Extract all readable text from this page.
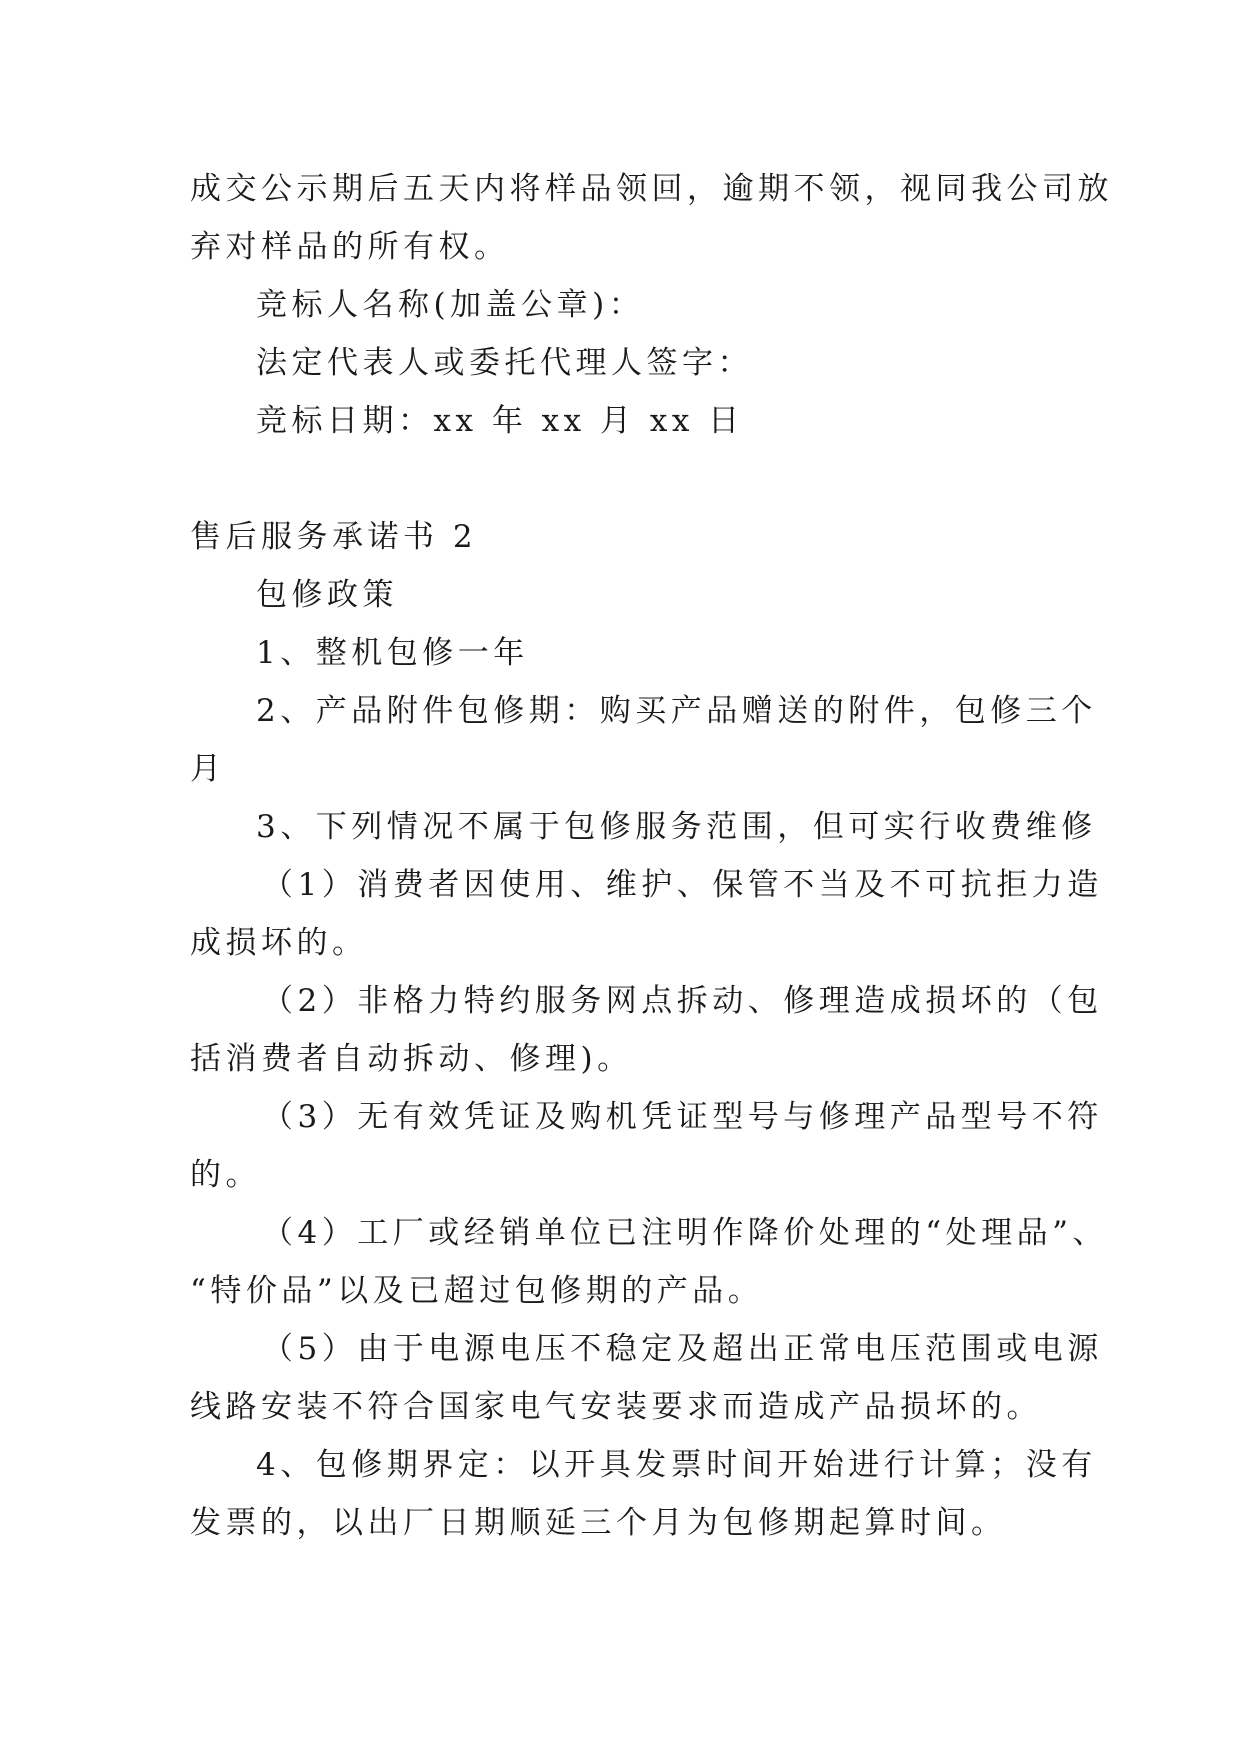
成交公示期后五天内将样品领回，逾期不领，视同我公司放
弃对样品的所有权。
竞标人名称(加盖公章)：
法定代表人或委托代理人签字：
竞标日期：xx 年 xx 月 xx 日
售后服务承诺书 2
包修政策
1、整机包修一年
2、产品附件包修期：购买产品赠送的附件，包修三个
月
3、下列情况不属于包修服务范围，但可实行收费维修
（1）消费者因使用、维护、保管不当及不可抗拒力造
成损坏的。
（2）非格力特约服务网点拆动、修理造成损坏的（包
括消费者自动拆动、修理)。
（3）无有效凭证及购机凭证型号与修理产品型号不符
的。
（4）工厂或经销单位已注明作降价处理的“处理品”、
“特价品”以及已超过包修期的产品。
（5）由于电源电压不稳定及超出正常电压范围或电源
线路安装不符合国家电气安装要求而造成产品损坏的。
4、包修期界定：以开具发票时间开始进行计算；没有
发票的，以出厂日期顺延三个月为包修期起算时间。
